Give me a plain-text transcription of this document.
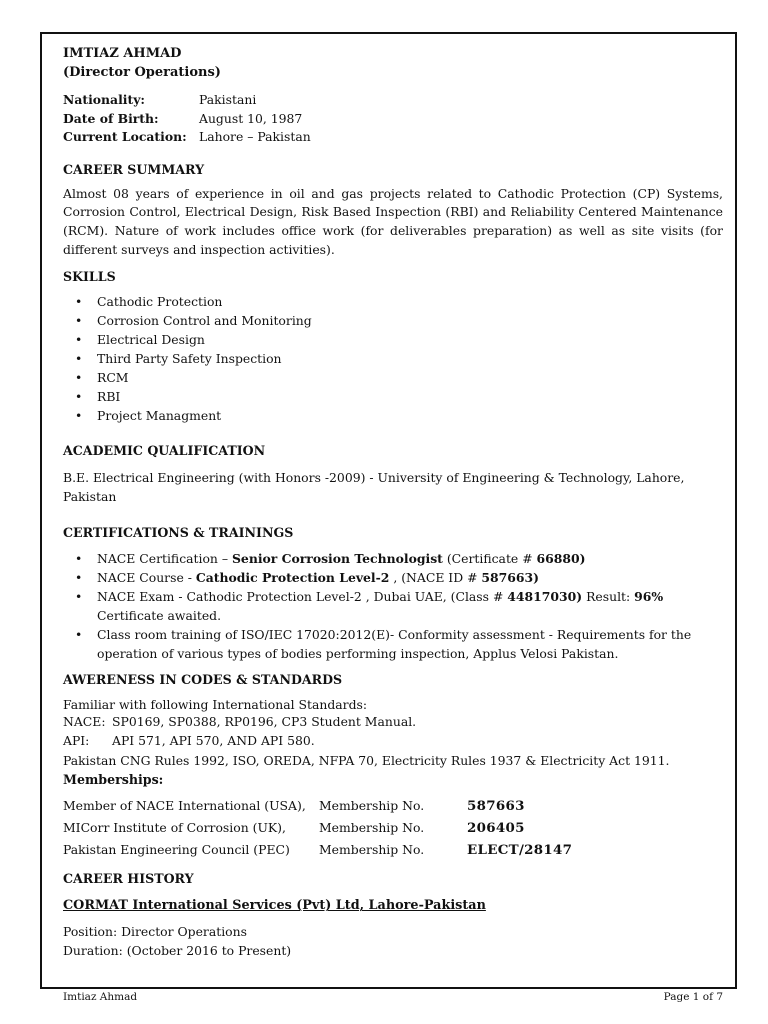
IMTIAZ AHMAD
(Director Operations)
Nationality:	Pakistani
Date of Birth:	August 10, 1987
Current Location: Lahore – Pakistan
CAREER SUMMARY

Almost 08 years of experience in oil and gas projects related to Cathodic Protection (CP) Systems, Corrosion Control, Electrical Design, Risk Based Inspection (RBI) and Reliability Centered Maintenance (RCM). Nature of work includes office work (for deliverables preparation) as well as site visits (for different surveys and inspection activities).

SKILLS
• Cathodic Protection
• Corrosion Control and Monitoring
• Electrical Design
• Third Party Safety Inspection
• RCM
• RBI
• Project Managment
ACADEMIC QUALIFICATION

B.E. Electrical Engineering (with Honors -2009) - University of Engineering & Technology, Lahore, Pakistan

CERTIFICATIONS & TRAININGS
• NACE Certification – Senior Corrosion Technologist (Certificate # 66880)
• NACE Course - Cathodic Protection Level-2 , (NACE ID # 587663)
• NACE Exam - Cathodic Protection Level-2 , Dubai UAE, (Class # 44817030) Result: 96%
Certificate awaited.
• Class room training of ISO/IEC 17020:2012(E)- Conformity assessment - Requirements for the operation of various types of bodies performing inspection, Applus Velosi Pakistan.
AWERENESS IN CODES & STANDARDS

Familiar with following International Standards:

NACE: SP0169, SP0388, RP0196, CP3 Student Manual.

API: API 571, API 570, AND API 580.

Pakistan CNG Rules 1992, ISO, OREDA, NFPA 70, Electricity Rules 1937 & Electricity Act 1911.

Memberships:
Member of NACE International (USA),	Membership No.	587663
MICorr Institute of Corrosion (UK),	Membership No.	206405
Pakistan Engineering Council (PEC)	Membership No.	ELECT/28147
CAREER HISTORY

CORMAT International Services (Pvt) Ltd, Lahore-Pakistan

Position: Director Operations

Duration: (October 2016 to Present)

Imtiaz Ahmad	Page 1 of 7
